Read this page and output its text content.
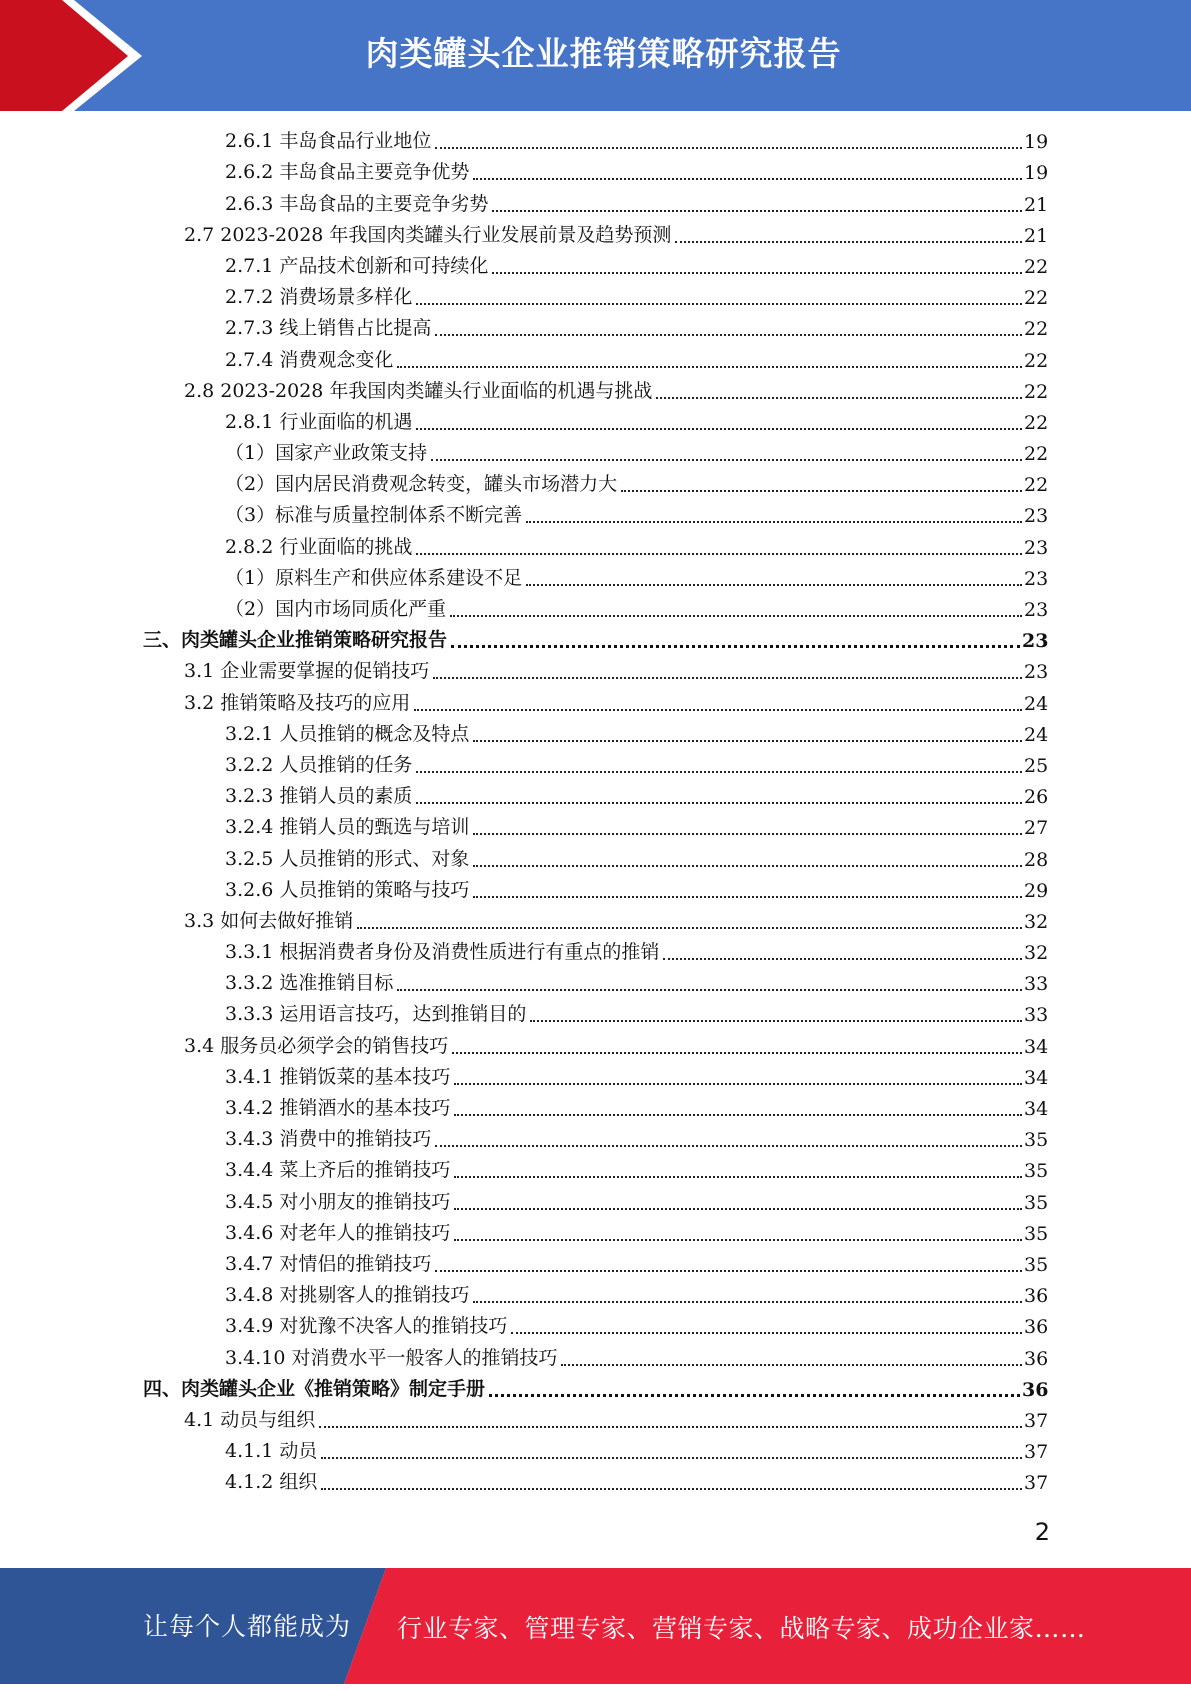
肉类罐头企业推销策略研究报告
2.6.1 丰岛食品行业地位	19
2.6.2 丰岛食品主要竞争优势	19
2.6.3 丰岛食品的主要竞争劣势	21
2.7 2023-2028 年我国肉类罐头行业发展前景及趋势预测	21
2.7.1 产品技术创新和可持续化	22
2.7.2 消费场景多样化	22
2.7.3 线上销售占比提高	22
2.7.4 消费观念变化	22
2.8 2023-2028 年我国肉类罐头行业面临的机遇与挑战	22
2.8.1 行业面临的机遇	22
（1）国家产业政策支持	22
（2）国内居民消费观念转变，罐头市场潜力大	22
（3）标准与质量控制体系不断完善	23
2.8.2 行业面临的挑战	23
（1）原料生产和供应体系建设不足	23
（2）国内市场同质化严重	23
三、肉类罐头企业推销策略研究报告	23
3.1 企业需要掌握的促销技巧	23
3.2 推销策略及技巧的应用	24
3.2.1 人员推销的概念及特点	24
3.2.2 人员推销的任务	25
3.2.3 推销人员的素质	26
3.2.4 推销人员的甄选与培训	27
3.2.5 人员推销的形式、对象	28
3.2.6 人员推销的策略与技巧	29
3.3 如何去做好推销	32
3.3.1 根据消费者身份及消费性质进行有重点的推销	32
3.3.2 选准推销目标	33
3.3.3 运用语言技巧，达到推销目的	33
3.4 服务员必须学会的销售技巧	34
3.4.1 推销饭菜的基本技巧	34
3.4.2 推销酒水的基本技巧	34
3.4.3 消费中的推销技巧	35
3.4.4 菜上齐后的推销技巧	35
3.4.5 对小朋友的推销技巧	35
3.4.6 对老年人的推销技巧	35
3.4.7 对情侣的推销技巧	35
3.4.8 对挑剔客人的推销技巧	36
3.4.9 对犹豫不决客人的推销技巧	36
3.4.10 对消费水平一般客人的推销技巧	36
四、肉类罐头企业《推销策略》制定手册	36
4.1 动员与组织	37
4.1.1 动员	37
4.1.2 组织	37
2
让每个人都能成为 行业专家、管理专家、营销专家、战略专家、成功企业家……
